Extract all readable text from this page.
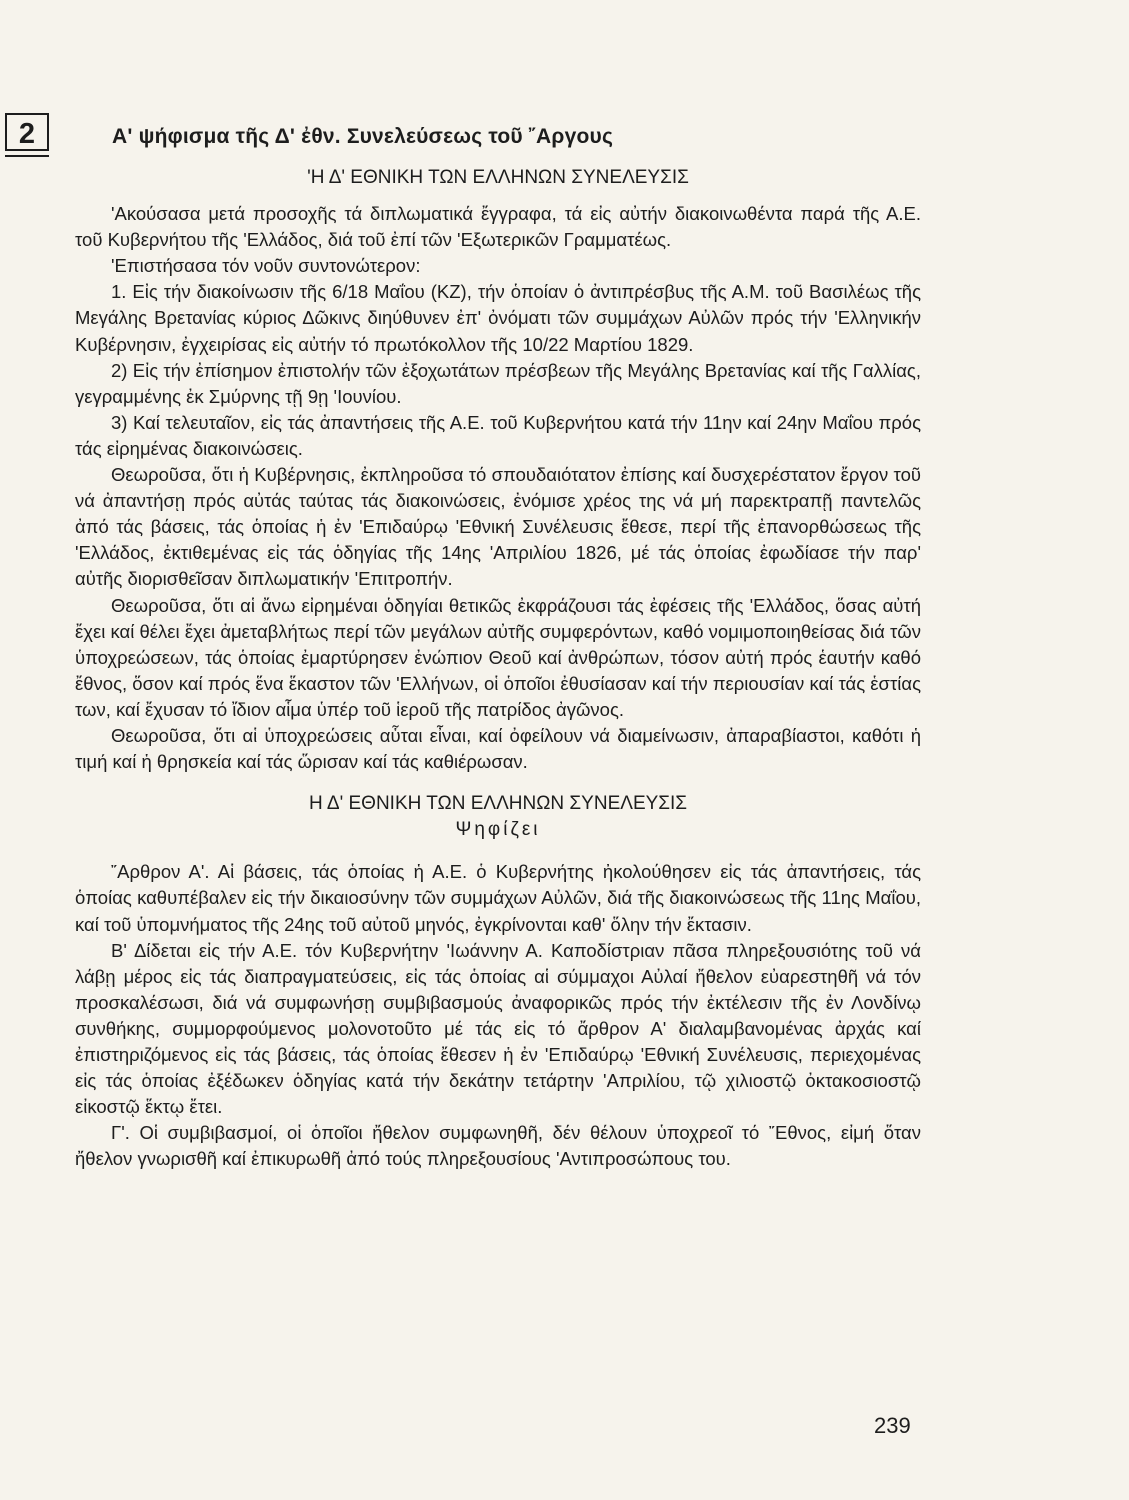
2	Α' ψήφισμα τῆς Δ' ἐθν. Συνελεύσεως τοῦ ῎Αργους

'Η Δ' ΕΘΝΙΚΗ ΤΩΝ ΕΛΛΗΝΩΝ ΣΥΝΕΛΕΥΣΙΣ

'Ακούσασα μετά προσοχῆς τά διπλωματικά ἔγγραφα, τά εἰς αὐτήν διακοινωθέντα παρά τῆς Α.Ε. τοῦ Κυβερνήτου τῆς 'Ελλάδος, διά τοῦ ἐπί τῶν 'Εξωτερικῶν Γραμματέως.

'Επιστήσασα τόν νοῦν συντονώτερον:

1. Εἰς τήν διακοίνωσιν τῆς 6/18 Μαΐου (ΚΖ), τήν ὁποίαν ὁ ἀντιπρέσβυς τῆς Α.Μ. τοῦ Βασιλέως τῆς Μεγάλης Βρετανίας κύριος Δῶκινς διηύθυνεν ἐπ' ὀνόματι τῶν συμμάχων Αὐλῶν πρός τήν 'Ελληνικήν Κυβέρνησιν, ἐγχειρίσας εἰς αὐτήν τό πρωτόκολλον τῆς 10/22 Μαρτίου 1829.

2) Εἰς τήν ἐπίσημον ἐπιστολήν τῶν ἐξοχωτάτων πρέσβεων τῆς Μεγάλης Βρετανίας καί τῆς Γαλλίας, γεγραμμένης ἐκ Σμύρνης τῇ 9ῃ 'Ιουνίου.

3) Καί τελευταῖον, εἰς τάς ἀπαντήσεις τῆς Α.Ε. τοῦ Κυβερνήτου κατά τήν 11ην καί 24ην Μαΐου πρός τάς εἰρημένας διακοινώσεις.

Θεωροῦσα, ὅτι ἡ Κυβέρνησις, ἐκπληροῦσα τό σπουδαιότατον ἐπίσης καί δυσχερέστατον ἔργον τοῦ νά ἀπαντήσῃ πρός αὐτάς ταύτας τάς διακοινώσεις, ἐνόμισε χρέος της νά μή παρεκτραπῇ παντελῶς ἀπό τάς βάσεις, τάς ὁποίας ἡ ἐν 'Επιδαύρῳ 'Εθνική Συνέλευσις ἔθεσε, περί τῆς ἐπανορθώσεως τῆς 'Ελλάδος, ἐκτιθεμένας εἰς τάς ὁδηγίας τῆς 14ης 'Απριλίου 1826, μέ τάς ὁποίας ἐφωδίασε τήν παρ' αὐτῆς διορισθεῖσαν διπλωματικήν 'Επιτροπήν.

Θεωροῦσα, ὅτι αἱ ἄνω εἰρημέναι ὁδηγίαι θετικῶς ἐκφράζουσι τάς ἐφέσεις τῆς 'Ελλάδος, ὅσας αὐτή ἔχει καί θέλει ἔχει ἀμεταβλήτως περί τῶν μεγάλων αὐτῆς συμφερόντων, καθό νομιμοποιηθείσας διά τῶν ὑποχρεώσεων, τάς ὁποίας ἐμαρτύρησεν ἐνώπιον Θεοῦ καί ἀνθρώπων, τόσον αὐτή πρός ἑαυτήν καθό ἔθνος, ὅσον καί πρός ἕνα ἕκαστον τῶν 'Ελλήνων, οἱ ὁποῖοι ἐθυσίασαν καί τήν περιουσίαν καί τάς ἑστίας των, καί ἔχυσαν τό ἴδιον αἷμα ὑπέρ τοῦ ἱεροῦ τῆς πατρίδος ἀγῶνος.

Θεωροῦσα, ὅτι αἱ ὑποχρεώσεις αὗται εἶναι, καί ὀφείλουν νά διαμείνωσιν, ἀπαραβίαστοι, καθότι ἡ τιμή καί ἡ θρησκεία καί τάς ὥρισαν καί τάς καθιέρωσαν.

Η Δ' ΕΘΝΙΚΗ ΤΩΝ ΕΛΛΗΝΩΝ ΣΥΝΕΛΕΥΣΙΣ

Ψηφίζει

῎Αρθρον Α'. Αἱ βάσεις, τάς ὁποίας ἡ Α.Ε. ὁ Κυβερνήτης ἠκολούθησεν εἰς τάς ἀπαντήσεις, τάς ὁποίας καθυπέβαλεν εἰς τήν δικαιοσύνην τῶν συμμάχων Αὐλῶν, διά τῆς διακοινώσεως τῆς 11ης Μαΐου, καί τοῦ ὑπομνήματος τῆς 24ης τοῦ αὐτοῦ μηνός, ἐγκρίνονται καθ' ὅλην τήν ἔκτασιν.

Β' Δίδεται εἰς τήν Α.Ε. τόν Κυβερνήτην 'Ιωάννην Α. Καποδίστριαν πᾶσα πληρεξουσιότης τοῦ νά λάβῃ μέρος εἰς τάς διαπραγματεύσεις, εἰς τάς ὁποίας αἱ σύμμαχοι Αὐλαί ἤθελον εὐαρεστηθῆ νά τόν προσκαλέσωσι, διά νά συμφωνήσῃ συμβιβασμούς ἀναφορικῶς πρός τήν ἐκτέλεσιν τῆς ἐν Λονδίνῳ συνθήκης, συμμορφούμενος μολονοτοῦτο μέ τάς εἰς τό ἄρθρον Α' διαλαμβανομένας ἀρχάς καί ἐπιστηριζόμενος εἰς τάς βάσεις, τάς ὁποίας ἔθεσεν ἡ ἐν 'Επιδαύρῳ 'Εθνική Συνέλευσις, περιεχομένας εἰς τάς ὁποίας ἐξέδωκεν ὁδηγίας κατά τήν δεκάτην τετάρτην 'Απριλίου, τῷ χιλιοστῷ ὀκτακοσιοστῷ εἰκοστῷ ἕκτῳ ἔτει.

Γ'. Οἱ συμβιβασμοί, οἱ ὁποῖοι ἤθελον συμφωνηθῆ, δέν θέλουν ὑποχρεοῖ τό ῎Εθνος, εἰμή ὅταν ἤθελον γνωρισθῆ καί ἐπικυρωθῆ ἀπό τούς πληρεξουσίους 'Αντιπροσώπους του.

239
